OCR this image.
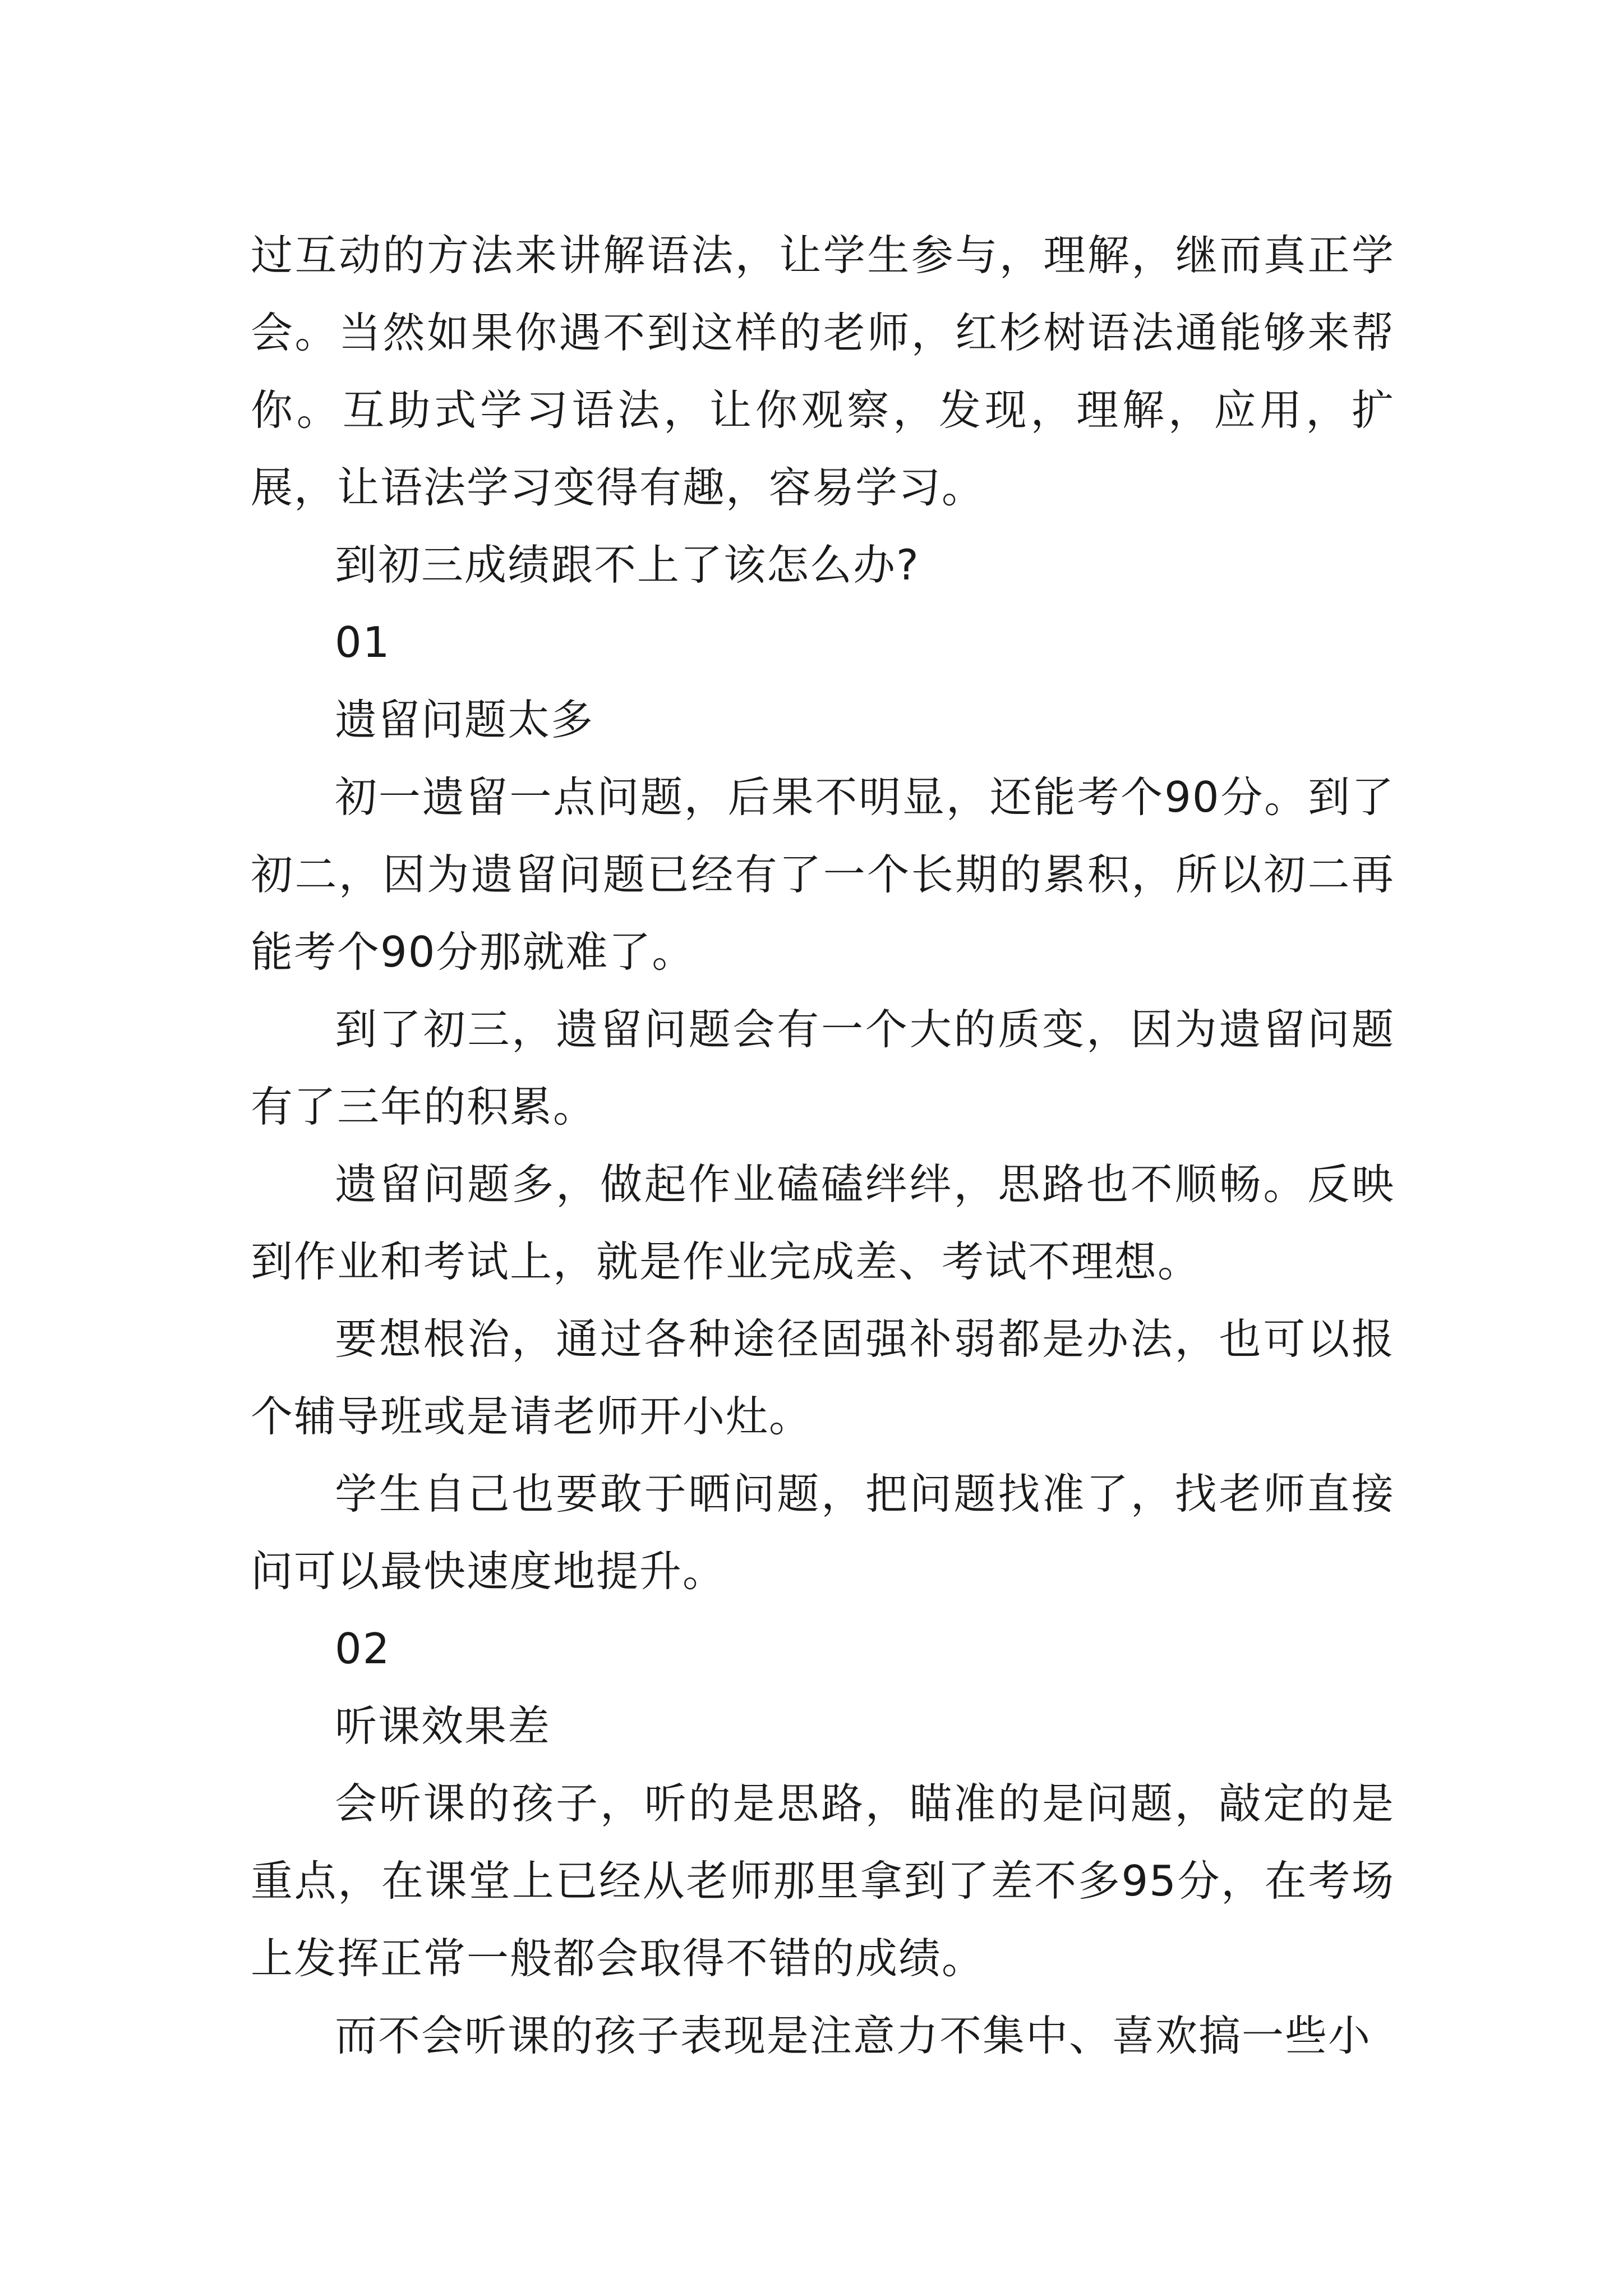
过互动的方法来讲解语法，让学生参与，理解，继而真正学会。当然如果你遇不到这样的老师，红杉树语法通能够来帮你。互助式学习语法，让你观察，发现，理解，应用，扩展，让语法学习变得有趣，容易学习。

到初三成绩跟不上了该怎么办?

01

遗留问题太多

初一遗留一点问题，后果不明显，还能考个90分。到了初二，因为遗留问题已经有了一个长期的累积，所以初二再能考个90分那就难了。

到了初三，遗留问题会有一个大的质变，因为遗留问题有了三年的积累。

遗留问题多，做起作业磕磕绊绊，思路也不顺畅。反映到作业和考试上，就是作业完成差、考试不理想。

要想根治，通过各种途径固强补弱都是办法，也可以报个辅导班或是请老师开小灶。

学生自己也要敢于晒问题，把问题找准了，找老师直接问可以最快速度地提升。

02

听课效果差

会听课的孩子，听的是思路，瞄准的是问题，敲定的是重点，在课堂上已经从老师那里拿到了差不多95分，在考场上发挥正常一般都会取得不错的成绩。

而不会听课的孩子表现是注意力不集中、喜欢搞一些小
